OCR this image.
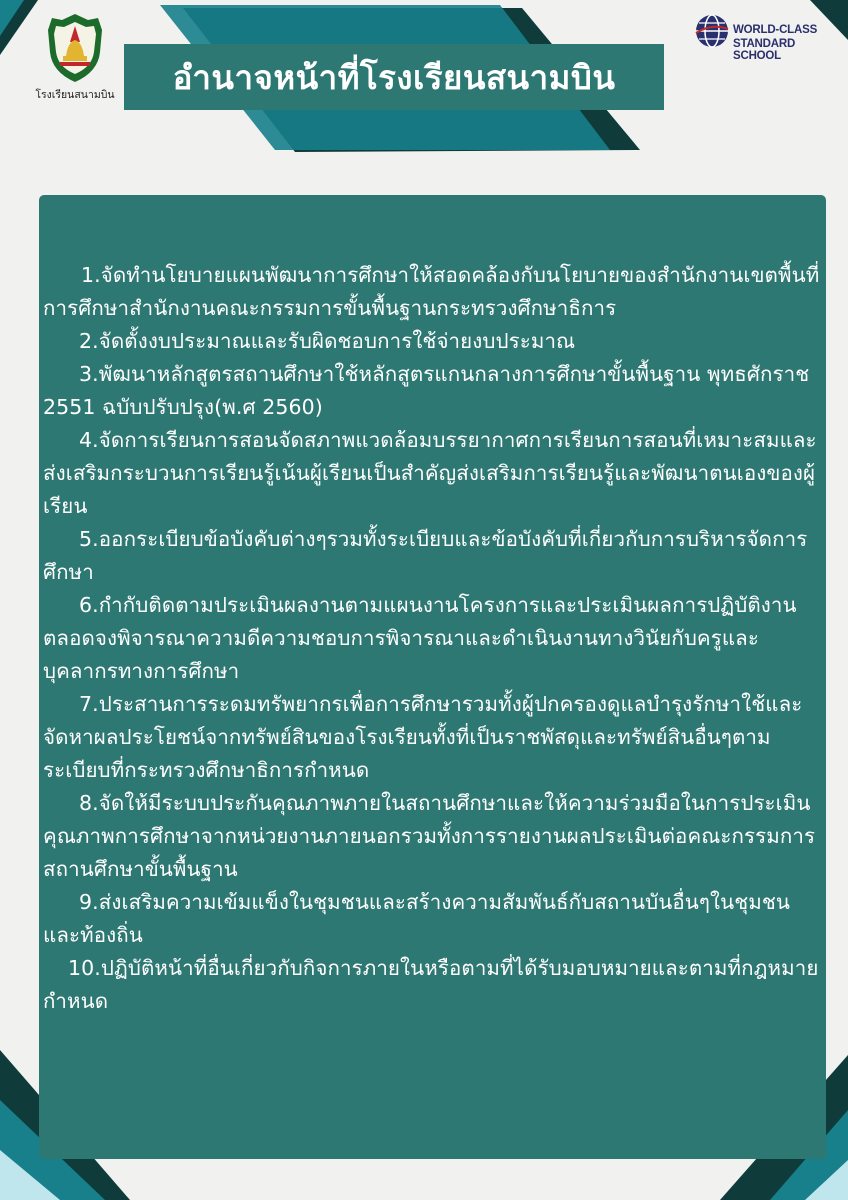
โรงเรียนสนามบิน
WORLD-CLASS
STANDARD SCHOOL
อำนาจหน้าที่โรงเรียนสนามบิน

1.จัดทำนโยบายแผนพัฒนาการศึกษาให้สอดคล้องกับนโยบายของสำนักงานเขตพื้นที่การศึกษาสำนักงานคณะกรรมการขั้นพื้นฐานกระทรวงศึกษาธิการ

2.จัดตั้งงบประมาณและรับผิดชอบการใช้จ่ายงบประมาณ

3.พัฒนาหลักสูตรสถานศึกษาใช้หลักสูตรแกนกลางการศึกษาขั้นพื้นฐาน พุทธศักราช 2551 ฉบับปรับปรุง(พ.ศ 2560)

4.จัดการเรียนการสอนจัดสภาพแวดล้อมบรรยากาศการเรียนการสอนที่เหมาะสมและส่งเสริมกระบวนการเรียนรู้เน้นผู้เรียนเป็นสำคัญส่งเสริมการเรียนรู้และพัฒนาตนเองของผู้เรียน

5.ออกระเบียบข้อบังคับต่างๆรวมทั้งระเบียบและข้อบังคับที่เกี่ยวกับการบริหารจัดการศึกษา

6.กำกับติดตามประเมินผลงานตามแผนงานโครงการและประเมินผลการปฏิบัติงานตลอดจงพิจารณาความดีความชอบการพิจารณาและดำเนินงานทางวินัยกับครูและบุคลากรทางการศึกษา

7.ประสานการระดมทรัพยากรเพื่อการศึกษารวมทั้งผู้ปกครองดูแลบำรุงรักษาใช้และจัดหาผลประโยชน์จากทรัพย์สินของโรงเรียนทั้งที่เป็นราชพัสดุและทรัพย์สินอื่นๆตามระเบียบที่กระทรวงศึกษาธิการกำหนด

8.จัดให้มีระบบประกันคุณภาพภายในสถานศึกษาและให้ความร่วมมือในการประเมินคุณภาพการศึกษาจากหน่วยงานภายนอกรวมทั้งการรายงานผลประเมินต่อคณะกรรมการสถานศึกษาขั้นพื้นฐาน

9.ส่งเสริมความเข้มแข็งในชุมชนและสร้างความสัมพันธ์กับสถานบันอื่นๆในชุมชนและท้องถิ่น

10.ปฏิบัติหน้าที่อื่นเกี่ยวกับกิจการภายในหรือตามที่ได้รับมอบหมายและตามที่กฎหมายกำหนด
